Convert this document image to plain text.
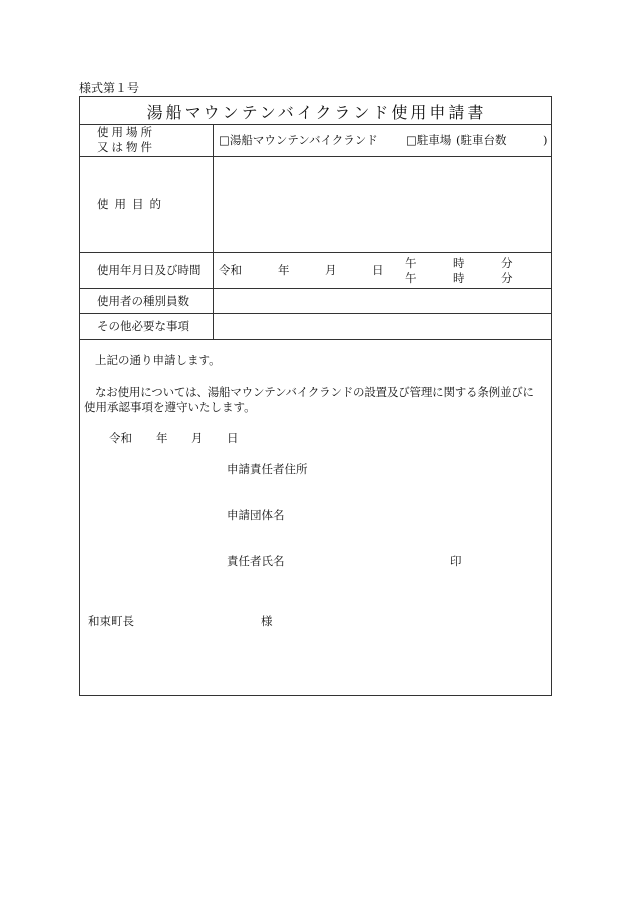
様式第１号
湯船マウンテンバイクランド使用申請書
使用場所
又は物件	□湯船マウンテンバイクランド □駐車場 (駐車台数	)
使用目的
使用年月日及び時間 令和	年	月	日 午	時	分
午	時	分
使用者の種別員数
その他必要な事項
上記の通り申請します。
なお使用については、湯船マウンテンバイクランドの設置及び管理に関する条例並びに
使用承認事項を遵守いたします。
令和 年 月 日
申請責任者住所
申請団体名
責任者氏名	印
和束町長	様
